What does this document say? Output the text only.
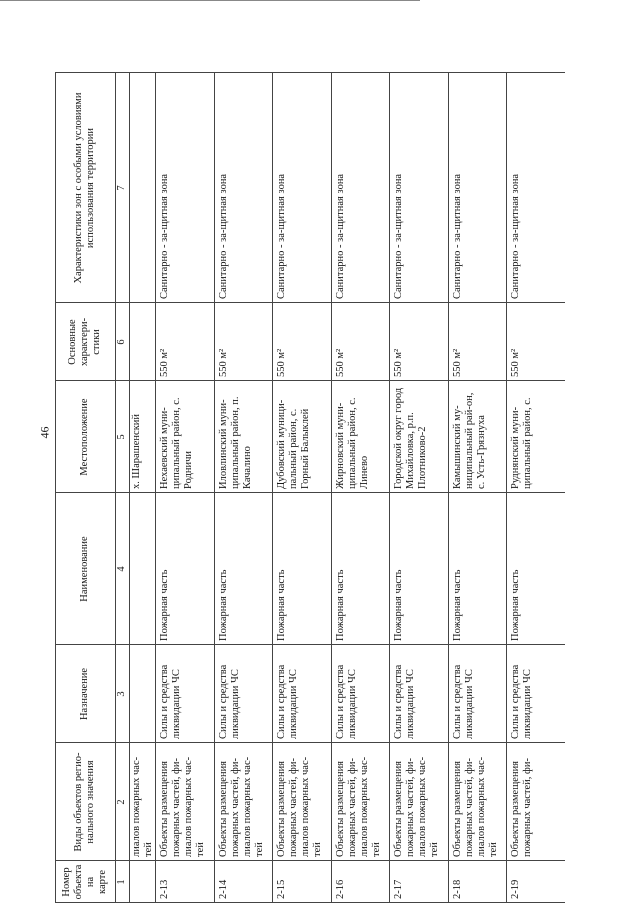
46
Номер объекта на карте
Виды объектов регио-нального значения
Назначение
Наименование
Местоположение
Основные характери-стики
Характеристики зон с особыми условиями использования территории
1
2
3
4
5
6
7
лиалов пожарных час-тей
х. Шарашенский
2-13
Объекты размещения пожарных частей, фи-лиалов пожарных час-тей
Силы и средства ликвидации ЧС
Пожарная часть
Нехаевский муни-ципальный район, с. Родничи
550 м²
Санитарно - за-щитная зона
2-14
Объекты размещения пожарных частей, фи-лиалов пожарных час-тей
Силы и средства ликвидации ЧС
Пожарная часть
Иловлинский муни-ципальный район, п. Качалино
550 м²
Санитарно - за-щитная зона
2-15
Объекты размещения пожарных частей, фи-лиалов пожарных час-тей
Силы и средства ликвидации ЧС
Пожарная часть
Дубовский муници-пальный район, с. Горный Балыклей
550 м²
Санитарно - за-щитная зона
2-16
Объекты размещения пожарных частей, фи-лиалов пожарных час-тей
Силы и средства ликвидации ЧС
Пожарная часть
Жирновский муни-ципальный район, с. Линево
550 м²
Санитарно - за-щитная зона
2-17
Объекты размещения пожарных частей, фи-лиалов пожарных час-тей
Силы и средства ликвидации ЧС
Пожарная часть
Городской округ город Михайловка, р.п. Плотниково-2
550 м²
Санитарно - за-щитная зона
2-18
Объекты размещения пожарных частей, фи-лиалов пожарных час-тей
Силы и средства ликвидации ЧС
Пожарная часть
Камышинский му-ниципальный рай-он, с. Усть-Грязнуха
550 м²
Санитарно - за-щитная зона
2-19
Объекты размещения пожарных частей, фи-
Силы и средства ликвидации ЧС
Пожарная часть
Руднянский муни-ципальный район, с.
550 м²
Санитарно - за-щитная зона
